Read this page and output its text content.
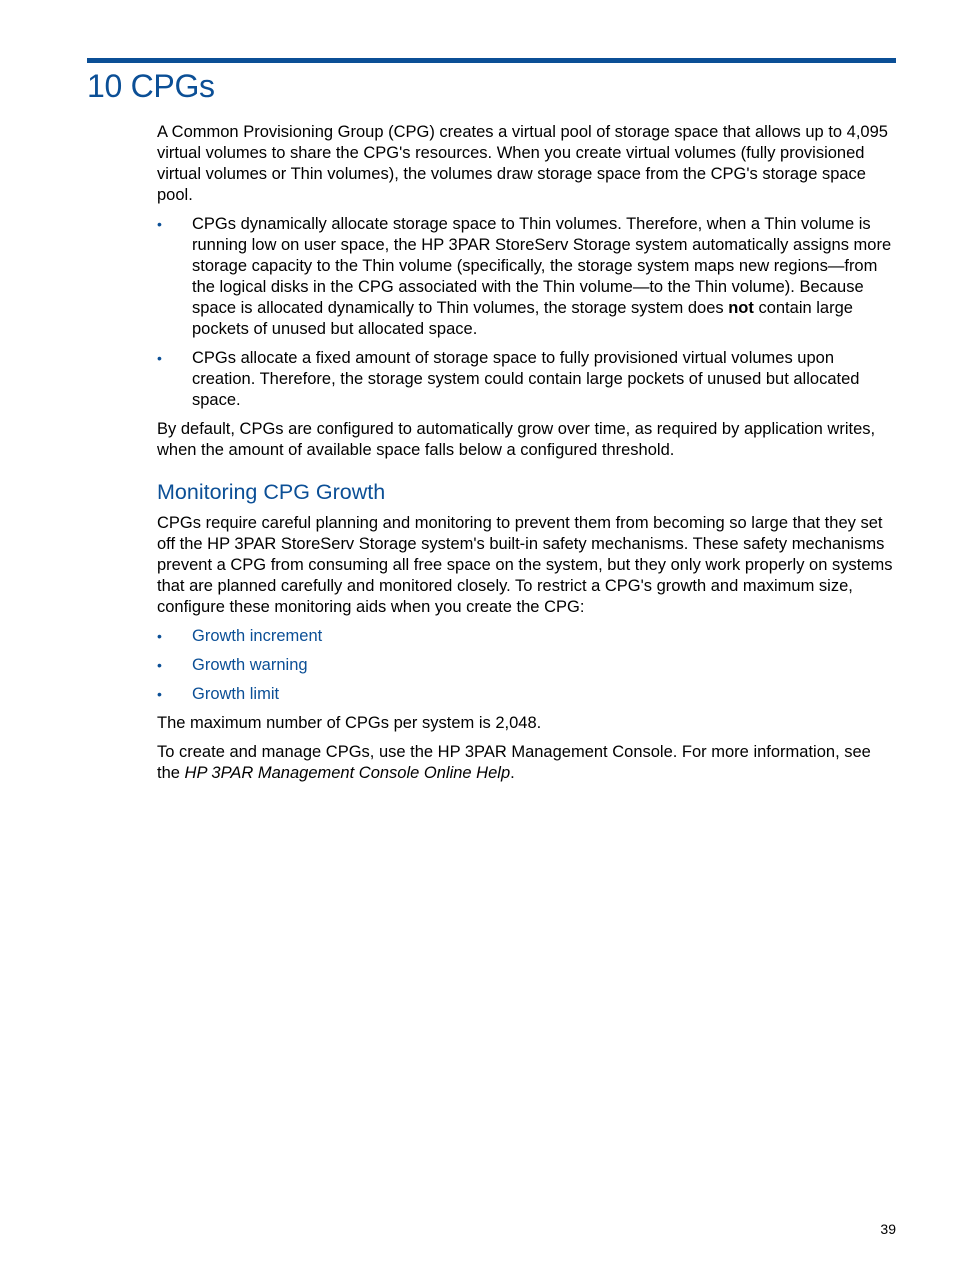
10 CPGs

A Common Provisioning Group (CPG) creates a virtual pool of storage space that allows up to 4,095 virtual volumes to share the CPG's resources. When you create virtual volumes (fully provisioned virtual volumes or Thin volumes), the volumes draw storage space from the CPG's storage space pool.

• CPGs dynamically allocate storage space to Thin volumes. Therefore, when a Thin volume is running low on user space, the HP 3PAR StoreServ Storage system automatically assigns more storage capacity to the Thin volume (specifically, the storage system maps new regions—from the logical disks in the CPG associated with the Thin volume—to the Thin volume). Because space is allocated dynamically to Thin volumes, the storage system does not contain large pockets of unused but allocated space.
• CPGs allocate a fixed amount of storage space to fully provisioned virtual volumes upon creation. Therefore, the storage system could contain large pockets of unused but allocated space.

By default, CPGs are configured to automatically grow over time, as required by application writes, when the amount of available space falls below a configured threshold.

Monitoring CPG Growth

CPGs require careful planning and monitoring to prevent them from becoming so large that they set off the HP 3PAR StoreServ Storage system's built-in safety mechanisms. These safety mechanisms prevent a CPG from consuming all free space on the system, but they only work properly on systems that are planned carefully and monitored closely. To restrict a CPG's growth and maximum size, configure these monitoring aids when you create the CPG:

• Growth increment
• Growth warning
• Growth limit

The maximum number of CPGs per system is 2,048.

To create and manage CPGs, use the HP 3PAR Management Console. For more information, see the HP 3PAR Management Console Online Help.

39
